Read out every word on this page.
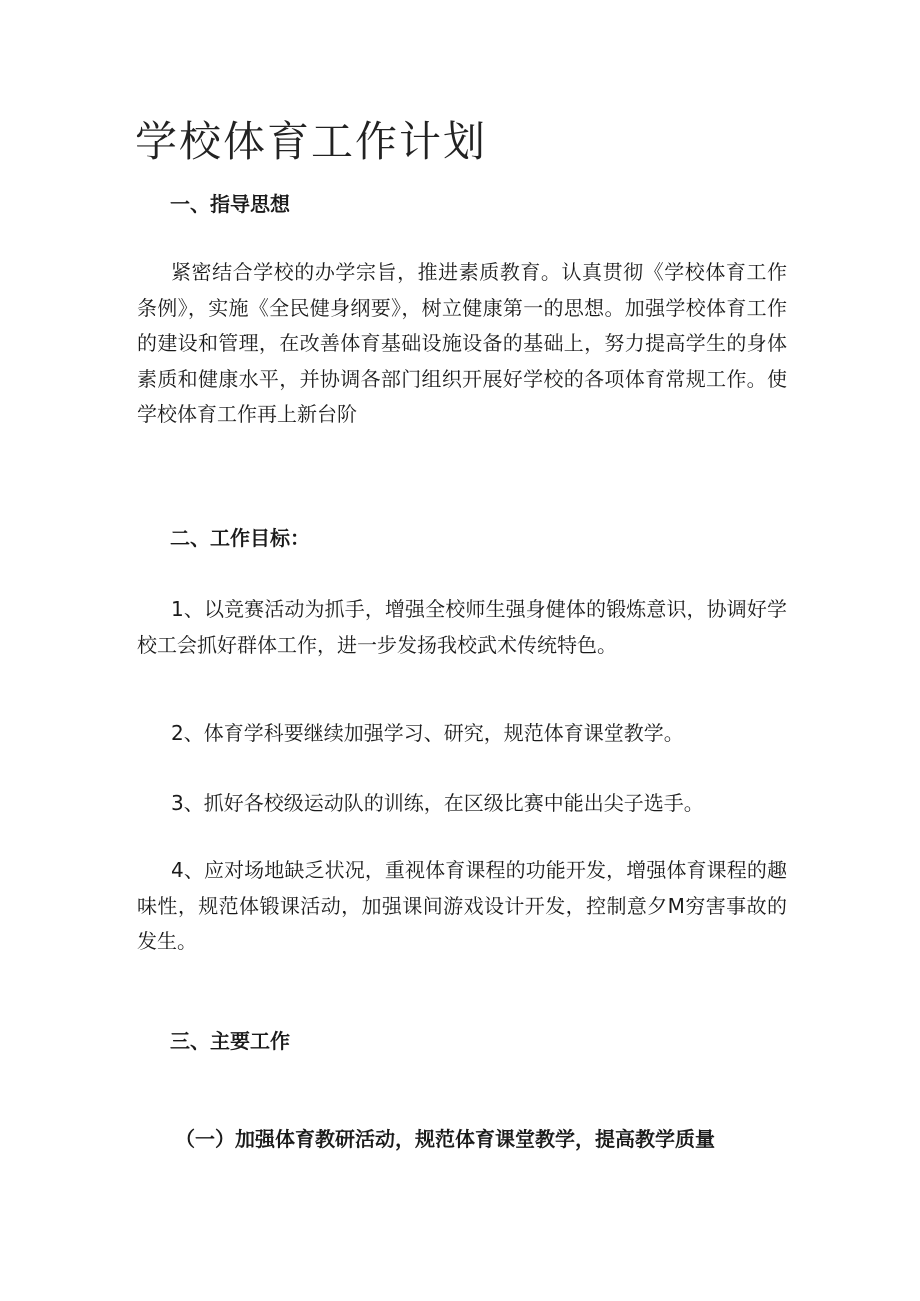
学校体育工作计划
一、指导思想

紧密结合学校的办学宗旨，推进素质教育。认真贯彻《学校体育工作条例》，实施《全民健身纲要》，树立健康第一的思想。加强学校体育工作的建设和管理，在改善体育基础设施设备的基础上，努力提高学生的身体素质和健康水平，并协调各部门组织开展好学校的各项体育常规工作。使学校体育工作再上新台阶

二、工作目标：

1、以竞赛活动为抓手，增强全校师生强身健体的锻炼意识，协调好学校工会抓好群体工作，进一步发扬我校武术传统特色。

2、体育学科要继续加强学习、研究，规范体育课堂教学。

3、抓好各校级运动队的训练，在区级比赛中能出尖子选手。

4、应对场地缺乏状况，重视体育课程的功能开发，增强体育课程的趣味性，规范体锻课活动，加强课间游戏设计开发，控制意夕M穷害事故的发生。

三、主要工作
（一）加强体育教研活动，规范体育课堂教学，提高教学质量
